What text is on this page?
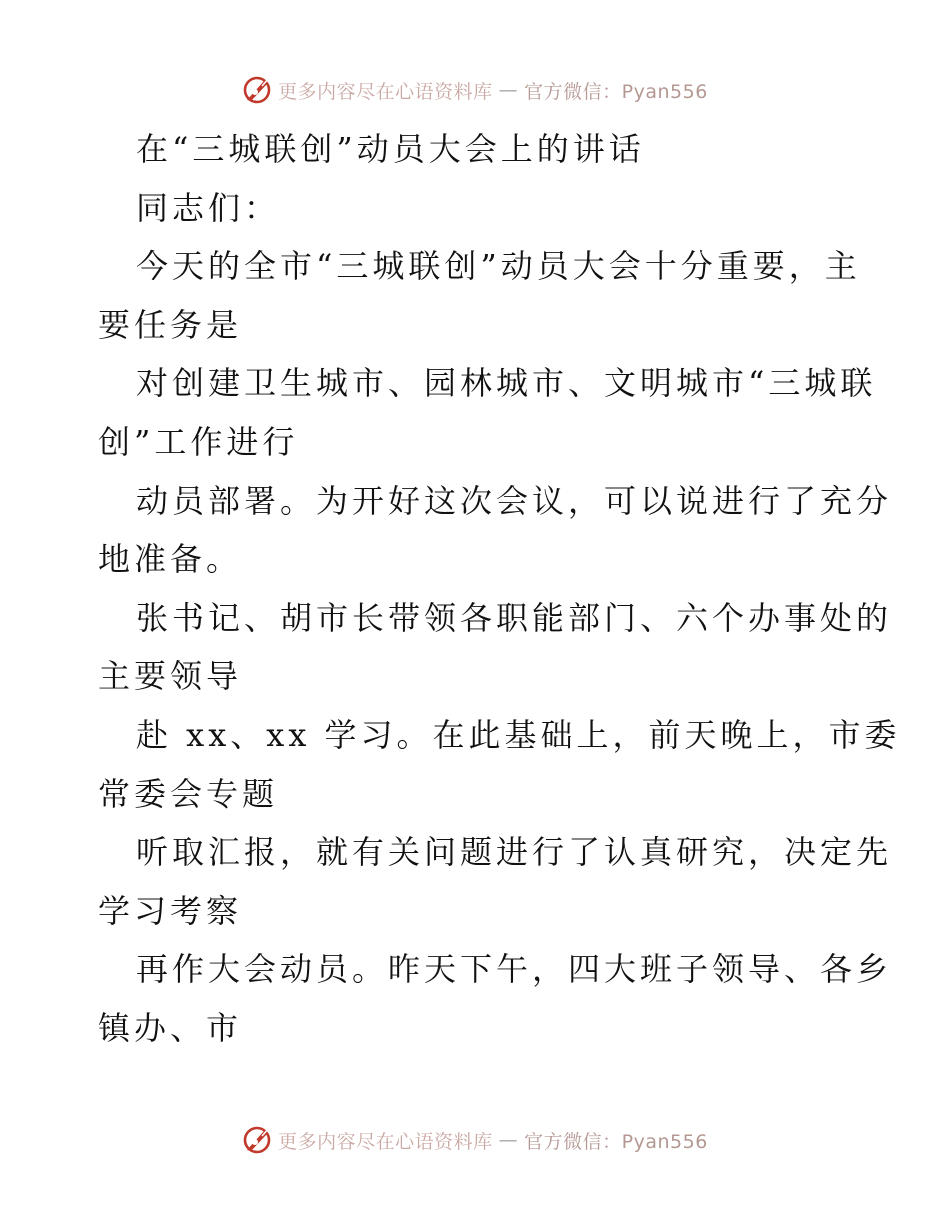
更多内容尽在心语资料库 — 官方微信：Pyan556
在“三城联创”动员大会上的讲话
同志们：
今天的全市“三城联创”动员大会十分重要，主
要任务是
对创建卫生城市、园林城市、文明城市“三城联
创”工作进行
动员部署。为开好这次会议，可以说进行了充分
地准备。
张书记、胡市长带领各职能部门、六个办事处的
主要领导
赴 xx、xx 学习。在此基础上，前天晚上，市委
常委会专题
听取汇报，就有关问题进行了认真研究，决定先
学习考察
再作大会动员。昨天下午，四大班子领导、各乡
镇办、市
更多内容尽在心语资料库 — 官方微信：Pyan556
